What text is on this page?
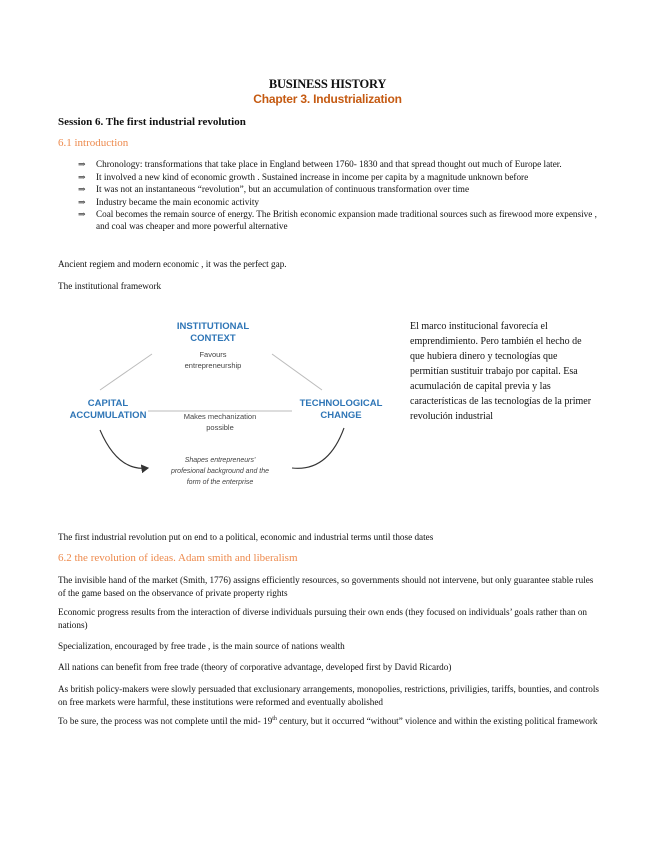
BUSINESS HISTORY
Chapter 3. Industrialization
Session 6. The first industrial revolution
6.1 introduction
⇒ Chronology: transformations that take place in England between 1760- 1830 and that spread thought out much of Europe later.
⇒ It involved a new kind of economic growth . Sustained increase in income per capita by a magnitude unknown before
⇒ It was not an instantaneous “revolution”, but an accumulation of continuous transformation over time
⇒ Industry became the main economic activity
⇒ Coal becomes the remain source of energy. The British economic expansion made traditional sources such as firewood more expensive , and coal was cheaper and more powerful alternative
Ancient regiem and modern economic , it was the perfect gap.
The institutional framework
INSTITUTIONAL
CONTEXT
Favours
entrepreneurship
CAPITAL
ACCUMULATION
TECHNOLOGICAL
CHANGE
Makes mechanization
possible
Shapes entrepreneurs'
profesional background and the
form of the enterprise
El marco institucional favorecía el emprendimiento. Pero también el hecho de que hubiera dinero y tecnologías que permitían sustituir trabajo por capital. Esa acumulación de capital previa y las características de las tecnologías de la primer revolución industrial
The first industrial revolution put on end to a political, economic and industrial terms until those dates
6.2 the revolution of ideas. Adam smith and liberalism
The invisible hand of the market (Smith, 1776) assigns efficiently resources, so governments should not intervene, but only guarantee stable rules of the game based on the observance of private property rights
Economic progress results from the interaction of diverse individuals pursuing their own ends (they focused on individuals’ goals rather than on nations)
Specialization, encouraged by free trade , is the main source of nations wealth
All nations can benefit from free trade (theory of corporative advantage, developed first by David Ricardo)
As british policy-makers were slowly persuaded that exclusionary arrangements, monopolies, restrictions, priviligies, tariffs, bounties, and controls on free markets were harmful, these institutions were reformed and eventually abolished
To be sure, the process was not complete until the mid- 19th century, but it occurred “without” violence and within the existing political framework
